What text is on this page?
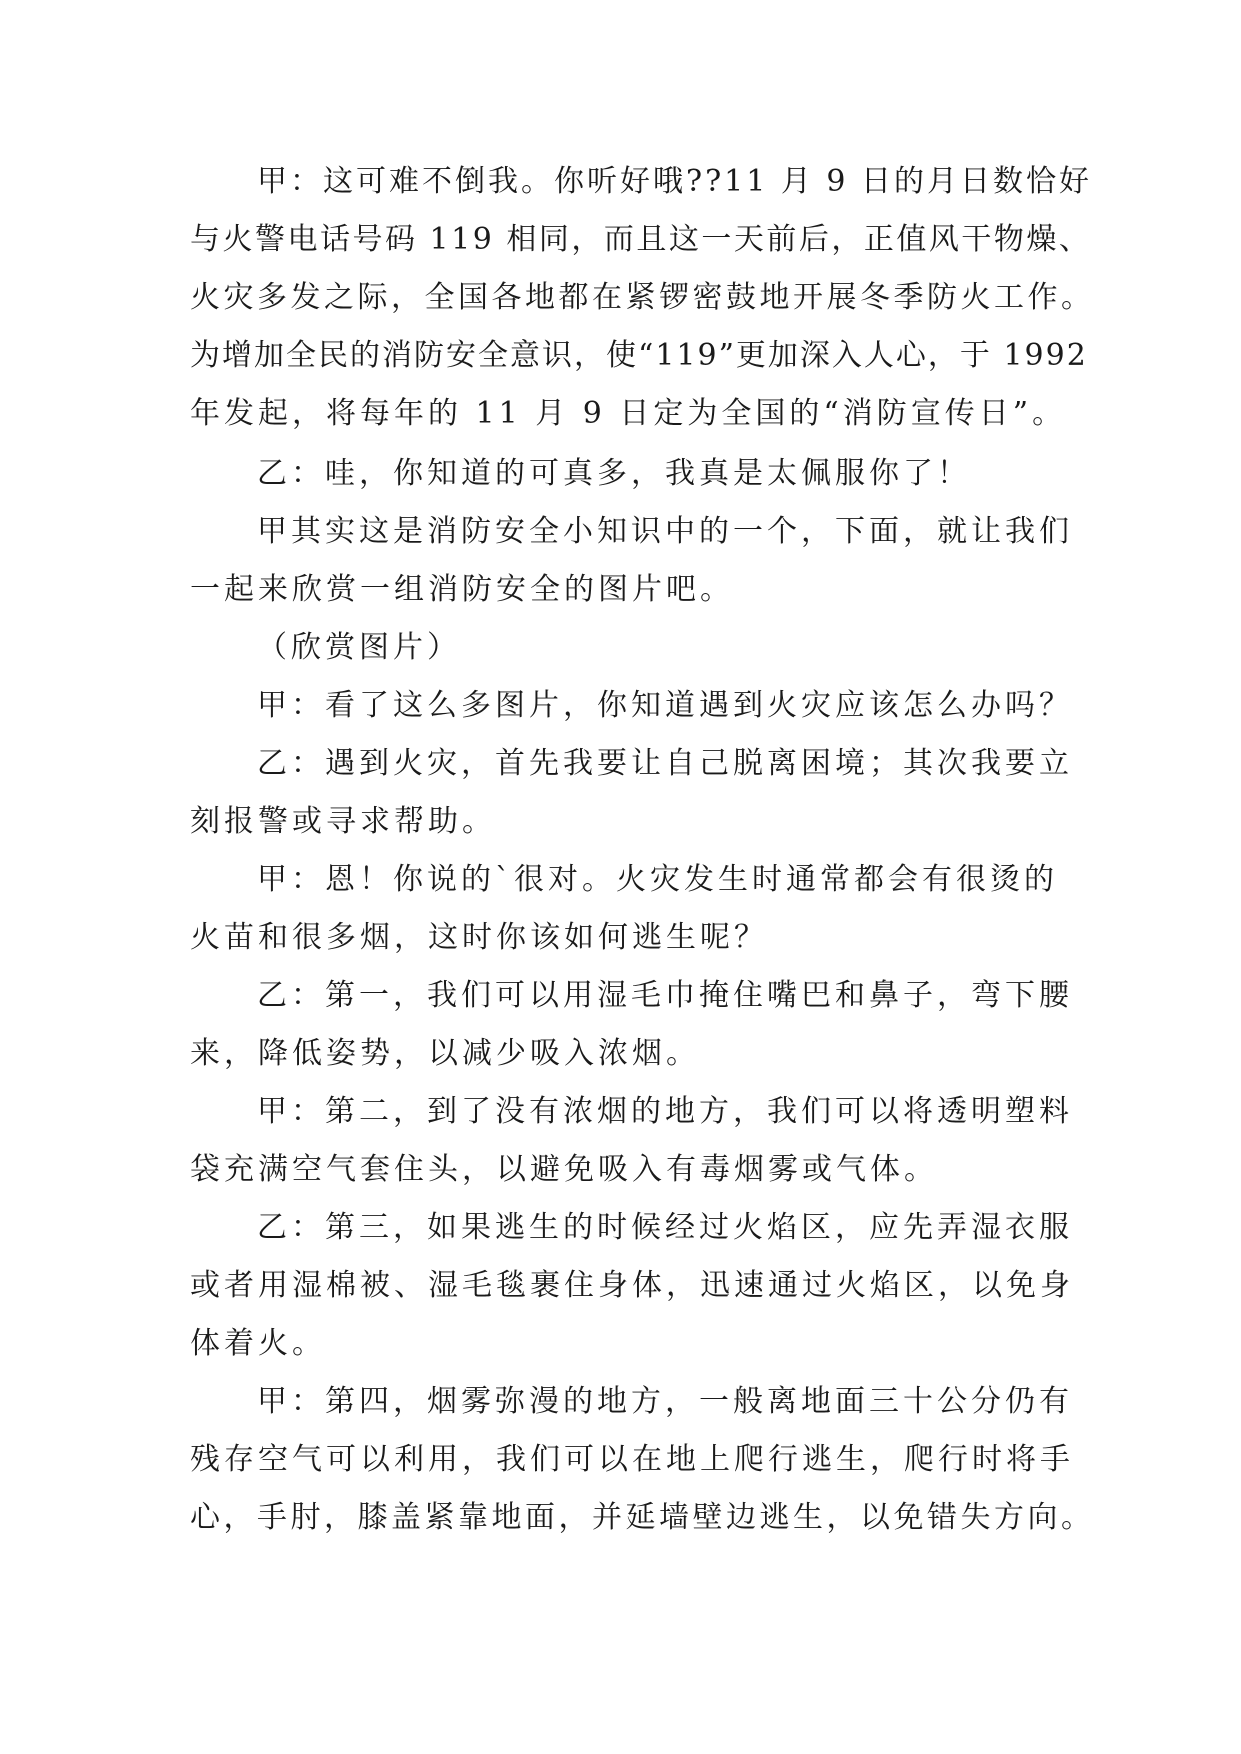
甲：这可难不倒我。你听好哦??11 月 9 日的月日数恰好
与火警电话号码 119 相同，而且这一天前后，正值风干物燥、
火灾多发之际，全国各地都在紧锣密鼓地开展冬季防火工作。
为增加全民的消防安全意识，使“119”更加深入人心，于 1992
年发起，将每年的 11 月 9 日定为全国的“消防宣传日”。
乙：哇，你知道的可真多，我真是太佩服你了！
甲其实这是消防安全小知识中的一个，下面，就让我们
一起来欣赏一组消防安全的图片吧。
（欣赏图片）
甲：看了这么多图片，你知道遇到火灾应该怎么办吗？
乙：遇到火灾，首先我要让自己脱离困境；其次我要立
刻报警或寻求帮助。
甲：恩！你说的`很对。火灾发生时通常都会有很烫的
火苗和很多烟，这时你该如何逃生呢？
乙：第一，我们可以用湿毛巾掩住嘴巴和鼻子，弯下腰
来，降低姿势，以减少吸入浓烟。
甲：第二，到了没有浓烟的地方，我们可以将透明塑料
袋充满空气套住头，以避免吸入有毒烟雾或气体。
乙：第三，如果逃生的时候经过火焰区，应先弄湿衣服
或者用湿棉被、湿毛毯裹住身体，迅速通过火焰区，以免身
体着火。
甲：第四，烟雾弥漫的地方，一般离地面三十公分仍有
残存空气可以利用，我们可以在地上爬行逃生，爬行时将手
心，手肘，膝盖紧靠地面，并延墙壁边逃生，以免错失方向。
